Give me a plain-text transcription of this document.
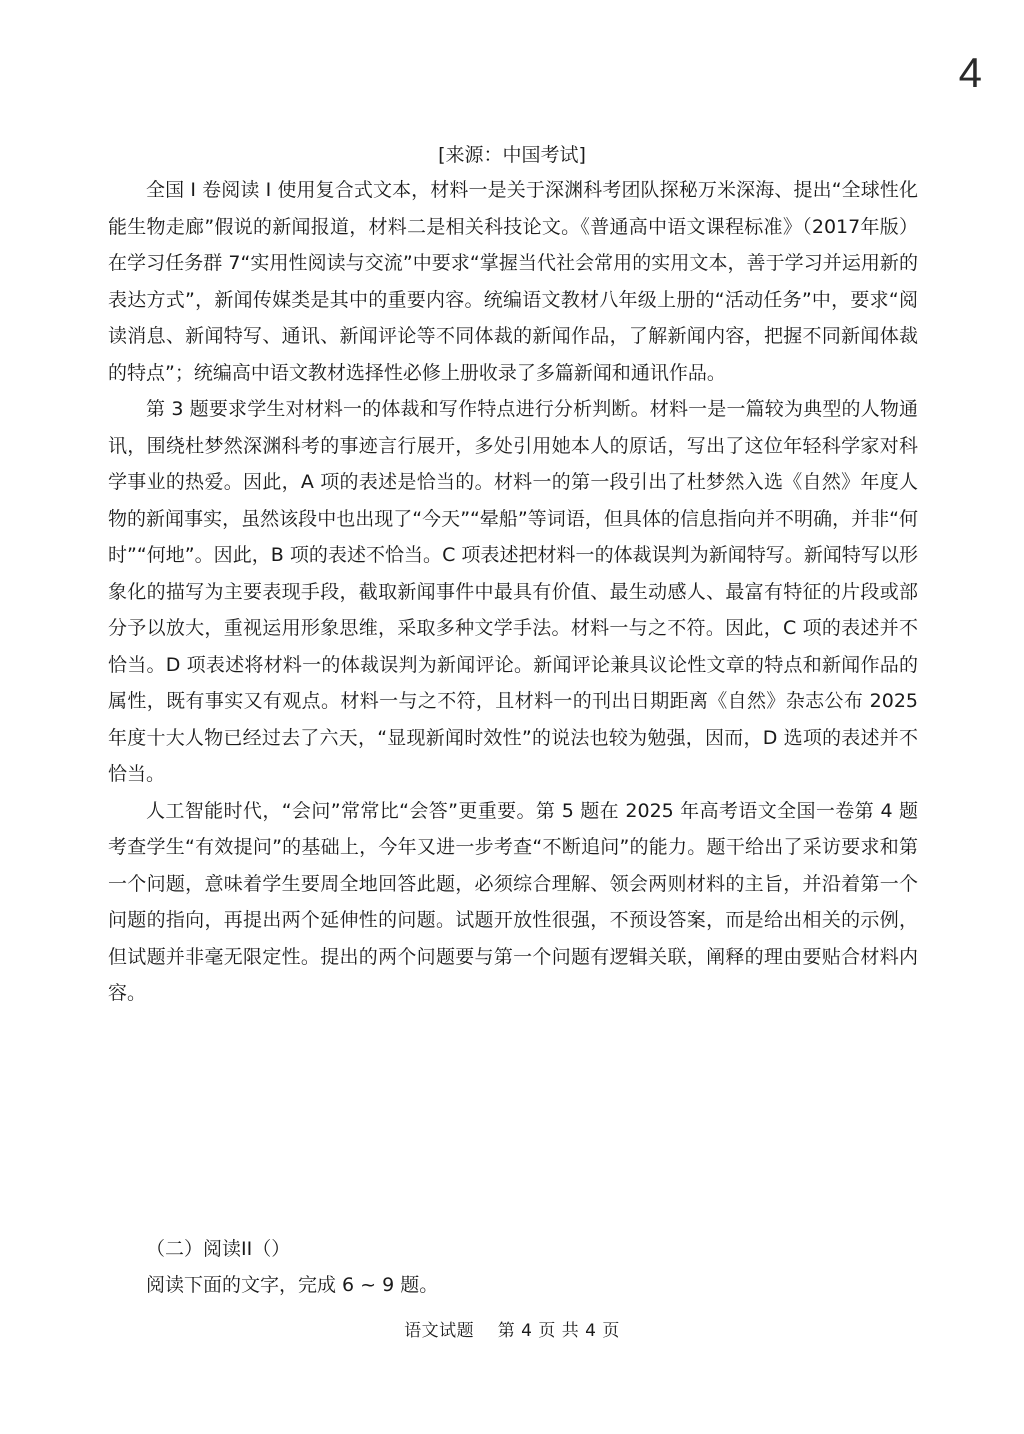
4
[来源：中国考试]

全国 I 卷阅读 I 使用复合式文本，材料一是关于深渊科考团队探秘万米深海、提出“全球性化能生物走廊”假说的新闻报道，材料二是相关科技论文。《普通高中语文课程标准》（2017年版）在学习任务群 7“实用性阅读与交流”中要求“掌握当代社会常用的实用文本，善于学习并运用新的表达方式”，新闻传媒类是其中的重要内容。统编语文教材八年级上册的“活动任务”中，要求“阅读消息、新闻特写、通讯、新闻评论等不同体裁的新闻作品，了解新闻内容，把握不同新闻体裁的特点”；统编高中语文教材选择性必修上册收录了多篇新闻和通讯作品。

第 3 题要求学生对材料一的体裁和写作特点进行分析判断。材料一是一篇较为典型的人物通讯，围绕杜梦然深渊科考的事迹言行展开，多处引用她本人的原话，写出了这位年轻科学家对科学事业的热爱。因此，A 项的表述是恰当的。材料一的第一段引出了杜梦然入选《自然》年度人物的新闻事实，虽然该段中也出现了“今天”“晕船”等词语，但具体的信息指向并不明确，并非“何时”“何地”。因此，B 项的表述不恰当。C 项表述把材料一的体裁误判为新闻特写。新闻特写以形象化的描写为主要表现手段，截取新闻事件中最具有价值、最生动感人、最富有特征的片段或部分予以放大，重视运用形象思维，采取多种文学手法。材料一与之不符。因此，C 项的表述并不恰当。D 项表述将材料一的体裁误判为新闻评论。新闻评论兼具议论性文章的特点和新闻作品的属性，既有事实又有观点。材料一与之不符，且材料一的刊出日期距离《自然》杂志公布 2025 年度十大人物已经过去了六天，“显现新闻时效性”的说法也较为勉强，因而，D 选项的表述并不恰当。

人工智能时代，“会问”常常比“会答”更重要。第 5 题在 2025 年高考语文全国一卷第 4 题考查学生“有效提问”的基础上，今年又进一步考查“不断追问”的能力。题干给出了采访要求和第一个问题，意味着学生要周全地回答此题，必须综合理解、领会两则材料的主旨，并沿着第一个问题的指向，再提出两个延伸性的问题。试题开放性很强，不预设答案，而是给出相关的示例，但试题并非毫无限定性。提出的两个问题要与第一个问题有逻辑关联，阐释的理由要贴合材料内容。

（二）阅读II（）
阅读下面的文字，完成 6 ~ 9 题。
语文试题 第 4 页 共 4 页
